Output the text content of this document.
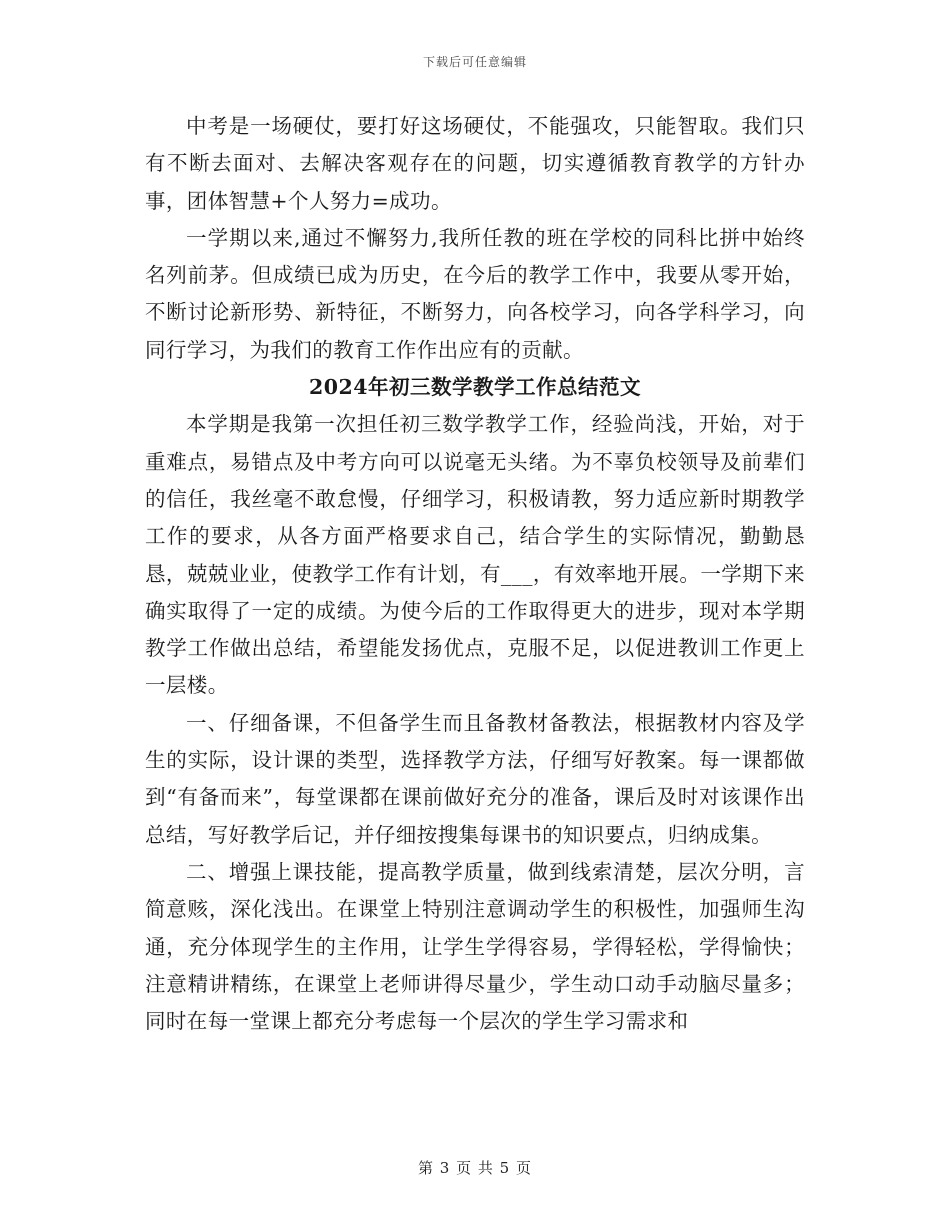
下载后可任意编辑

中考是一场硬仗，要打好这场硬仗，不能强攻，只能智取。我们只有不断去面对、去解决客观存在的问题，切实遵循教育教学的方针办事，团体智慧+个人努力=成功。

一学期以来,通过不懈努力,我所任教的班在学校的同科比拼中始终名列前茅。但成绩已成为历史，在今后的教学工作中，我要从零开始，不断讨论新形势、新特征，不断努力，向各校学习，向各学科学习，向同行学习，为我们的教育工作作出应有的贡献。

2024年初三数学教学工作总结范文

本学期是我第一次担任初三数学教学工作，经验尚浅，开始，对于重难点，易错点及中考方向可以说毫无头绪。为不辜负校领导及前辈们的信任，我丝毫不敢怠慢，仔细学习，积极请教，努力适应新时期教学工作的要求，从各方面严格要求自己，结合学生的实际情况，勤勤恳恳，兢兢业业，使教学工作有计划，有___，有效率地开展。一学期下来确实取得了一定的成绩。为使今后的工作取得更大的进步，现对本学期教学工作做出总结，希望能发扬优点，克服不足，以促进教训工作更上一层楼。

一、仔细备课，不但备学生而且备教材备教法，根据教材内容及学生的实际，设计课的类型，选择教学方法，仔细写好教案。每一课都做到“有备而来”，每堂课都在课前做好充分的准备，课后及时对该课作出总结，写好教学后记，并仔细按搜集每课书的知识要点，归纳成集。

二、增强上课技能，提高教学质量，做到线索清楚，层次分明，言简意赅，深化浅出。在课堂上特别注意调动学生的积极性，加强师生沟通，充分体现学生的主作用，让学生学得容易，学得轻松，学得愉快；注意精讲精练，在课堂上老师讲得尽量少，学生动口动手动脑尽量多；同时在每一堂课上都充分考虑每一个层次的学生学习需求和

第 3 页 共 5 页
